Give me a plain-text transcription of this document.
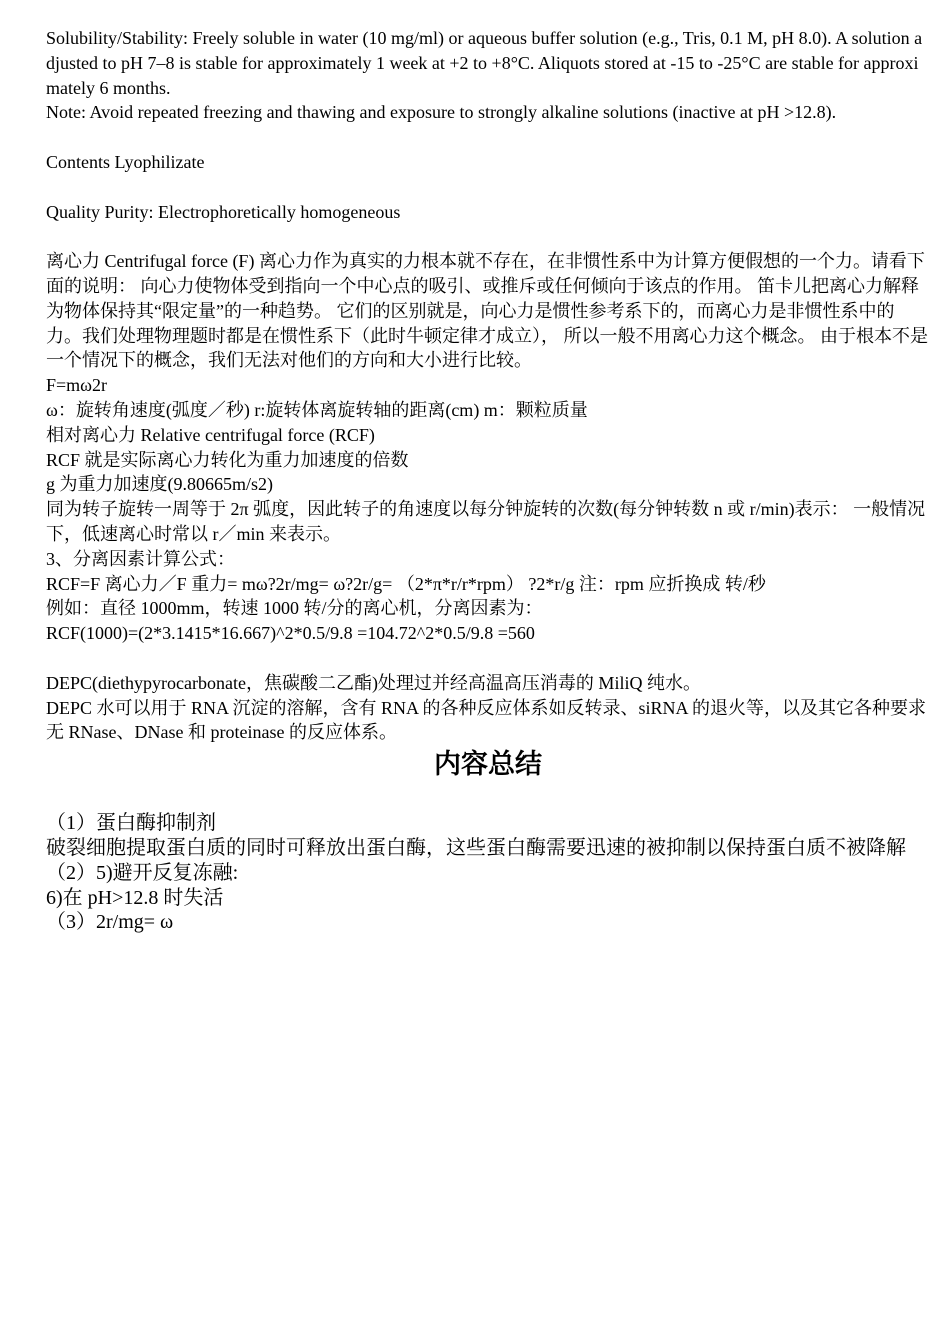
Solubility/Stability: Freely soluble in water (10 mg/ml) or aqueous buffer solution (e.g., Tris, 0.1 M, pH 8.0). A solution adjusted to pH 7–8 is stable for approximately 1 week at +2 to +8°C. Aliquots stored at -15 to -25°C are stable for approximately 6 months.

Note: Avoid repeated freezing and thawing and exposure to strongly alkaline solutions (inactive at pH >12.8).

Contents Lyophilizate

Quality Purity: Electrophoretically homogeneous

离心力 Centrifugal force (F) 离心力作为真实的力根本就不存在，在非惯性系中为计算方便假想的一个力。请看下面的说明： 向心力使物体受到指向一个中心点的吸引、或推斥或任何倾向于该点的作用。 笛卡儿把离心力解释为物体保持其“限定量”的一种趋势。 它们的区别就是，向心力是惯性参考系下的，而离心力是非惯性系中的力。我们处理物理题时都是在惯性系下（此时牛顿定律才成立）， 所以一般不用离心力这个概念。 由于根本不是一个情况下的概念，我们无法对他们的方向和大小进行比较。

F=mω2r

ω：旋转角速度(弧度／秒) r:旋转体离旋转轴的距离(cm) m：颗粒质量

相对离心力 Relative centrifugal force (RCF)

RCF 就是实际离心力转化为重力加速度的倍数

g 为重力加速度(9.80665m/s2)

同为转子旋转一周等于 2π 弧度，因此转子的角速度以每分钟旋转的次数(每分钟转数 n 或 r/min)表示： 一般情况下，低速离心时常以 r／min 来表示。

3、分离因素计算公式：

RCF=F 离心力／F 重力= mω?2r/mg= ω?2r/g= （2*π*r/r*rpm） ?2*r/g 注：rpm 应折换成 转/秒

例如：直径 1000mm，转速 1000 转/分的离心机，分离因素为：

RCF(1000)=(2*3.1415*16.667)^2*0.5/9.8 =104.72^2*0.5/9.8 =560

DEPC(diethypyrocarbonate，焦碳酸二乙酯)处理过并经高温高压消毒的 MiliQ 纯水。

DEPC 水可以用于 RNA 沉淀的溶解，含有 RNA 的各种反应体系如反转录、siRNA 的退火等，以及其它各种要求无 RNase、DNase 和 proteinase 的反应体系。

内容总结

（1）蛋白酶抑制剂

破裂细胞提取蛋白质的同时可释放出蛋白酶，这些蛋白酶需要迅速的被抑制以保持蛋白质不被降解

（2）5)避开反复冻融:

6)在 pH>12.8 时失活

（3）2r/mg= ω
